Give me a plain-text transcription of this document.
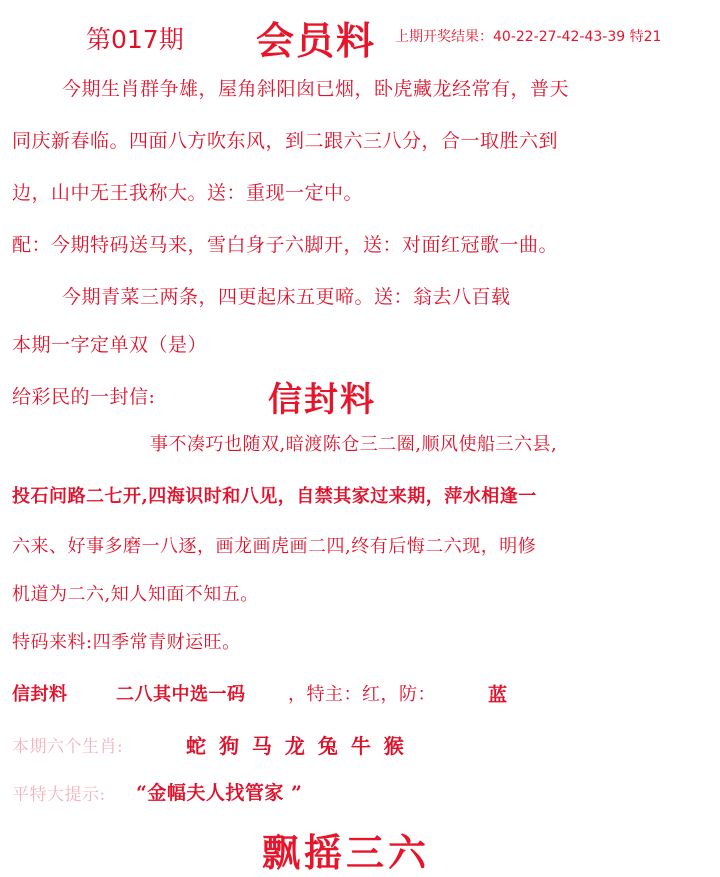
第017期 会员料 上期开奖结果：40-22-27-42-43-39 特21
今期生肖群争雄，屋角斜阳囱已烟，卧虎藏龙经常有，普天
同庆新春临。四面八方吹东风，到二跟六三八分，合一取胜六到
边，山中无王我称大。送：重现一定中。
配：今期特码送马来，雪白身子六脚开，送：对面红冠歌一曲。
今期青菜三两条，四更起床五更啼。送：翁去八百载
本期一字定单双（是）
给彩民的一封信:	信封料
事不凑巧也随双,暗渡陈仓三二圈,顺风使船三六县,
投石问路二七开,四海识时和八见，自禁其家过来期，萍水相逢一
六来、好事多磨一八逐，画龙画虎画二四,终有后悔二六现，明修
机道为二六,知人知面不知五。
特码来料:四季常青财运旺。
信封料	二八其中选一码 ，特主：红，防：	蓝
本期六个生肖:	蛇 狗 马 龙 兔 牛 猴
平特大提示: “金幅夫人找管家 ”
飘摇三六
